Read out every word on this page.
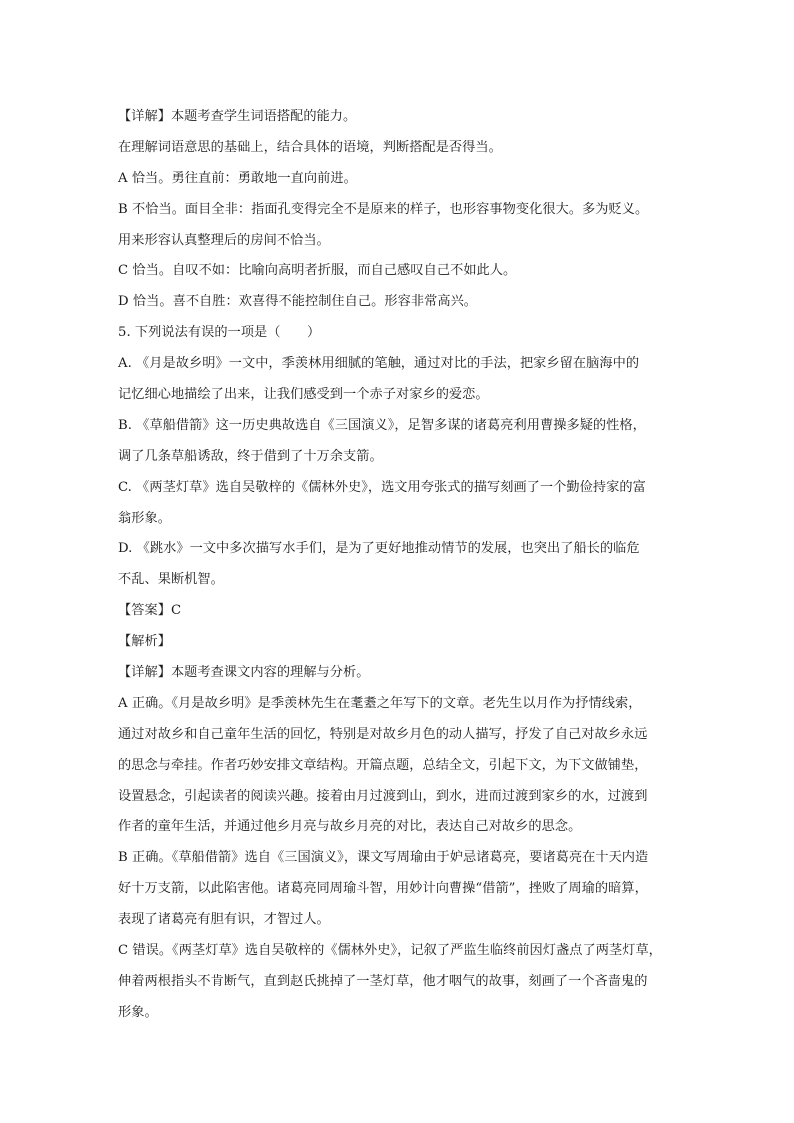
【详解】本题考查学生词语搭配的能力。
在理解词语意思的基础上，结合具体的语境，判断搭配是否得当。
A 恰当。勇往直前：勇敢地一直向前进。
B 不恰当。面目全非：指面孔变得完全不是原来的样子，也形容事物变化很大。多为贬义。
用来形容认真整理后的房间不恰当。
C 恰当。自叹不如：比喻向高明者折服，而自己感叹自己不如此人。
D 恰当。喜不自胜：欢喜得不能控制住自己。形容非常高兴。
5. 下列说法有误的一项是（　　）
A. 《月是故乡明》一文中，季羡林用细腻的笔触，通过对比的手法，把家乡留在脑海中的
记忆细心地描绘了出来，让我们感受到一个赤子对家乡的爱恋。
B. 《草船借箭》这一历史典故选自《三国演义》，足智多谋的诸葛亮利用曹操多疑的性格，
调了几条草船诱敌，终于借到了十万余支箭。
C. 《两茎灯草》选自吴敬梓的《儒林外史》，选文用夸张式的描写刻画了一个勤俭持家的富
翁形象。
D. 《跳水》一文中多次描写水手们，是为了更好地推动情节的发展，也突出了船长的临危
不乱、果断机智。
【答案】C
【解析】
【详解】本题考查课文内容的理解与分析。
A 正确。《月是故乡明》是季羡林先生在耄耋之年写下的文章。老先生以月作为抒情线索，
通过对故乡和自己童年生活的回忆，特别是对故乡月色的动人描写，抒发了自己对故乡永远
的思念与牵挂。作者巧妙安排文章结构。开篇点题，总结全文，引起下文，为下文做铺垫，
设置悬念，引起读者的阅读兴趣。接着由月过渡到山，到水，进而过渡到家乡的水，过渡到
作者的童年生活，并通过他乡月亮与故乡月亮的对比，表达自己对故乡的思念。
B 正确。《草船借箭》选自《三国演义》，课文写周瑜由于妒忌诸葛亮，要诸葛亮在十天内造
好十万支箭，以此陷害他。诸葛亮同周瑜斗智，用妙计向曹操“借箭”，挫败了周瑜的暗算，
表现了诸葛亮有胆有识，才智过人。
C 错误。《两茎灯草》选自吴敬梓的《儒林外史》，记叙了严监生临终前因灯盏点了两茎灯草，
伸着两根指头不肯断气，直到赵氏挑掉了一茎灯草，他才咽气的故事，刻画了一个吝啬鬼的
形象。
